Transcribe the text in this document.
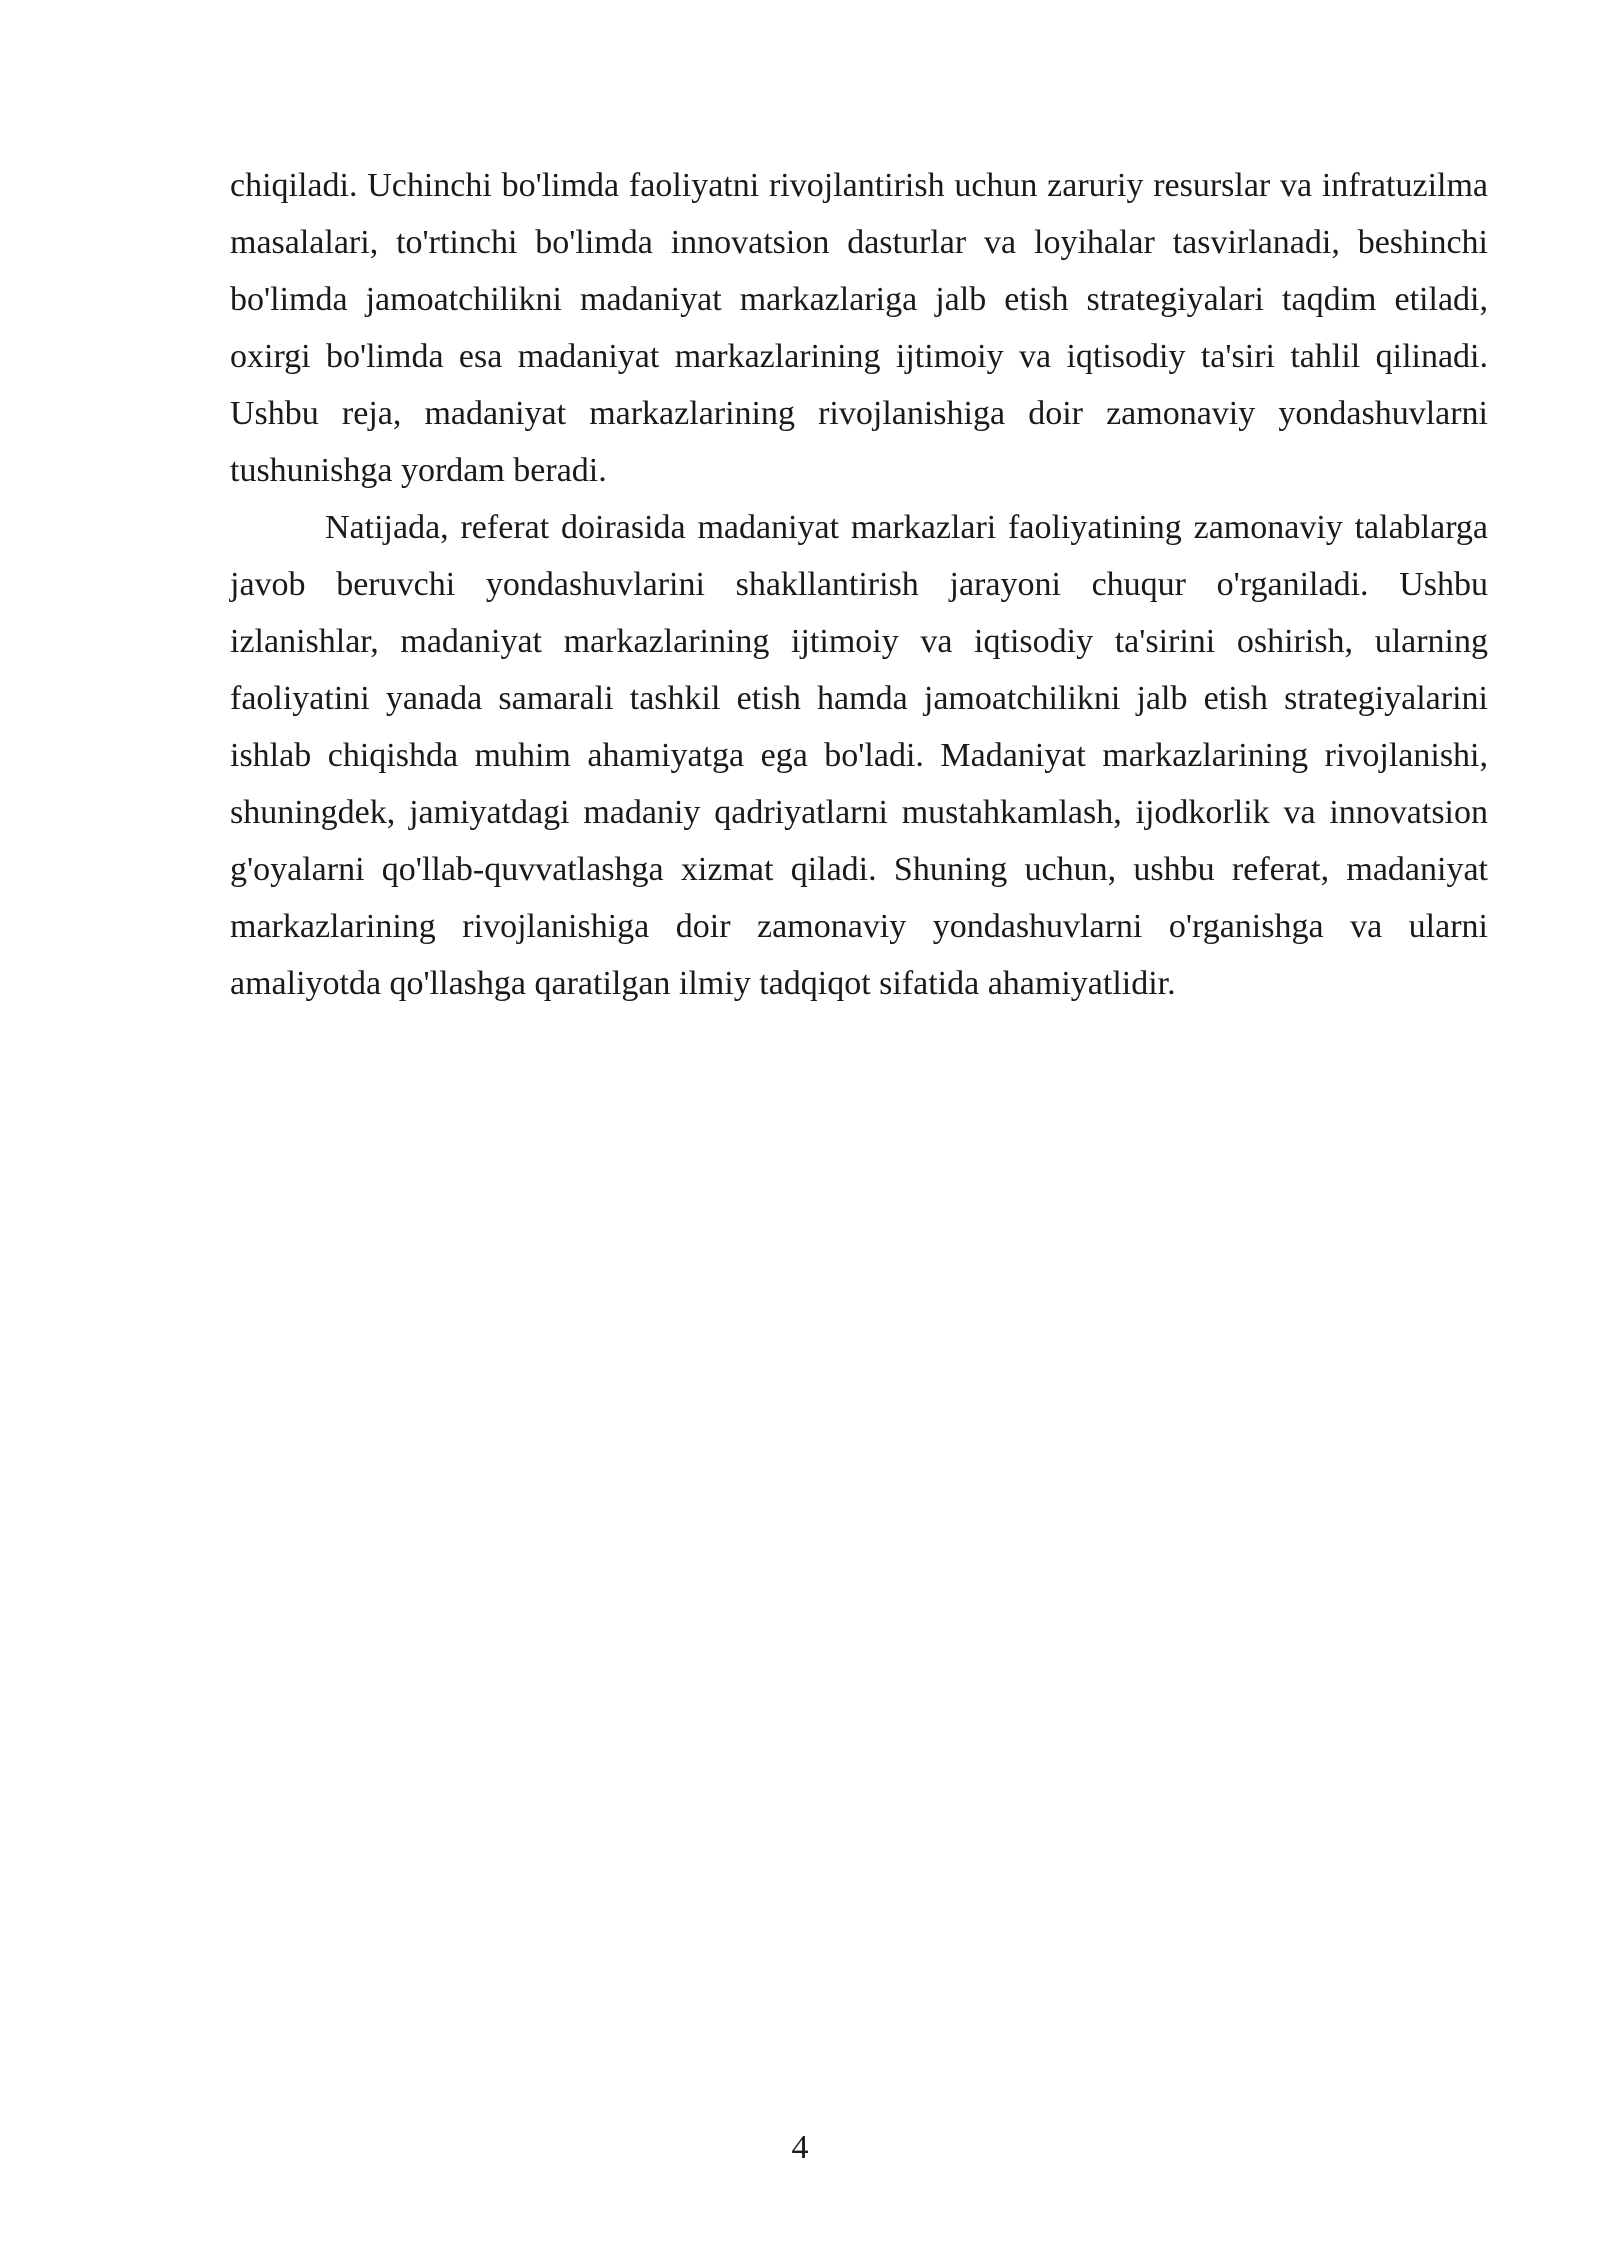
chiqiladi. Uchinchi bo'limda faoliyatni rivojlantirish uchun zaruriy resurslar va infratuzilma masalalari, to'rtinchi bo'limda innovatsion dasturlar va loyihalar tasvirlanadi, beshinchi bo'limda jamoatchilikni madaniyat markazlariga jalb etish strategiyalari taqdim etiladi, oxirgi bo'limda esa madaniyat markazlarining ijtimoiy va iqtisodiy ta'siri tahlil qilinadi. Ushbu reja, madaniyat markazlarining rivojlanishiga doir zamonaviy yondashuvlarni tushunishga yordam beradi.

Natijada, referat doirasida madaniyat markazlari faoliyatining zamonaviy talablarga javob beruvchi yondashuvlarini shakllantirish jarayoni chuqur o'rganiladi. Ushbu izlanishlar, madaniyat markazlarining ijtimoiy va iqtisodiy ta'sirini oshirish, ularning faoliyatini yanada samarali tashkil etish hamda jamoatchilikni jalb etish strategiyalarini ishlab chiqishda muhim ahamiyatga ega bo'ladi. Madaniyat markazlarining rivojlanishi, shuningdek, jamiyatdagi madaniy qadriyatlarni mustahkamlash, ijodkorlik va innovatsion g'oyalarni qo'llab-quvvatlashga xizmat qiladi. Shuning uchun, ushbu referat, madaniyat markazlarining rivojlanishiga doir zamonaviy yondashuvlarni o'rganishga va ularni amaliyotda qo'llashga qaratilgan ilmiy tadqiqot sifatida ahamiyatlidir.

4
